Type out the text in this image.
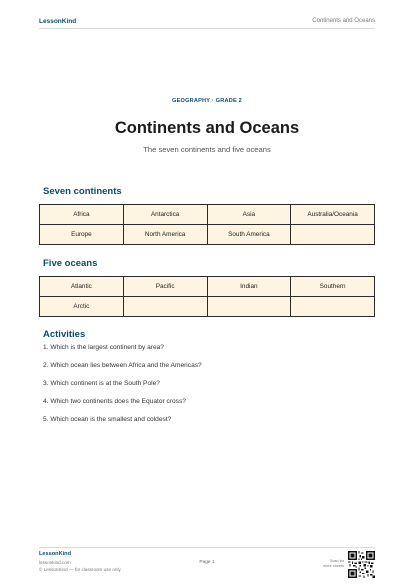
LessonKind	Continents and Oceans
GEOGRAPHY · GRADE 2
Continents and Oceans
The seven continents and five oceans
Seven continents
Africa	Antarctica	Asia	Australia/Oceania
Europe	North America	South America	
Five oceans
Atlantic	Pacific	Indian	Southern
Arctic			
Activities
1. Which is the largest continent by area?
2. Which ocean lies between Africa and the Americas?
3. Which continent is at the South Pole?
4. Which two continents does the Equator cross?
5. Which ocean is the smallest and coldest?
LessonKind
lessonkind.com
© LessonKind — for classroom use only
Page 1	Scan for
more sheets
